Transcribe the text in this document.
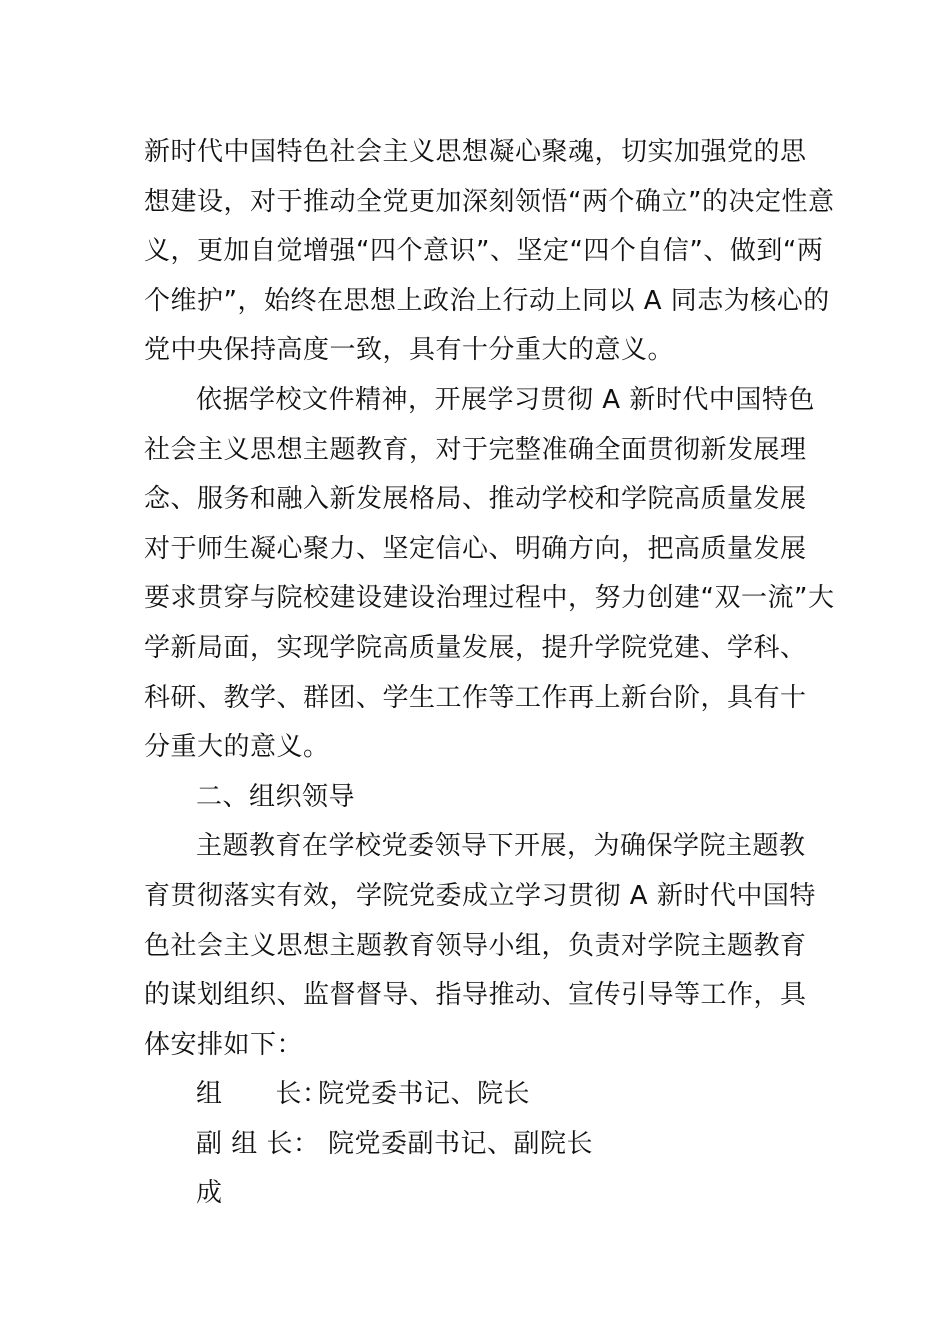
新时代中国特色社会主义思想凝心聚魂，切实加强党的思
想建设，对于推动全党更加深刻领悟“两个确立”的决定性意
义，更加自觉增强“四个意识”、坚定“四个自信”、做到“两
个维护”，始终在思想上政治上行动上同以 A 同志为核心的
党中央保持高度一致，具有十分重大的意义。
依据学校文件精神，开展学习贯彻 A 新时代中国特色
社会主义思想主题教育，对于完整准确全面贯彻新发展理
念、服务和融入新发展格局、推动学校和学院高质量发展
对于师生凝心聚力、坚定信心、明确方向，把高质量发展
要求贯穿与院校建设建设治理过程中，努力创建“双一流”大
学新局面，实现学院高质量发展，提升学院党建、学科、
科研、教学、群团、学生工作等工作再上新台阶，具有十
分重大的意义。
二、组织领导
主题教育在学校党委领导下开展，为确保学院主题教
育贯彻落实有效，学院党委成立学习贯彻 A 新时代中国特
色社会主义思想主题教育领导小组，负责对学院主题教育
的谋划组织、监督督导、指导推动、宣传引导等工作，具
体安排如下：
组　　长：院党委书记、院长
副 组 长： 院党委副书记、副院长
成
